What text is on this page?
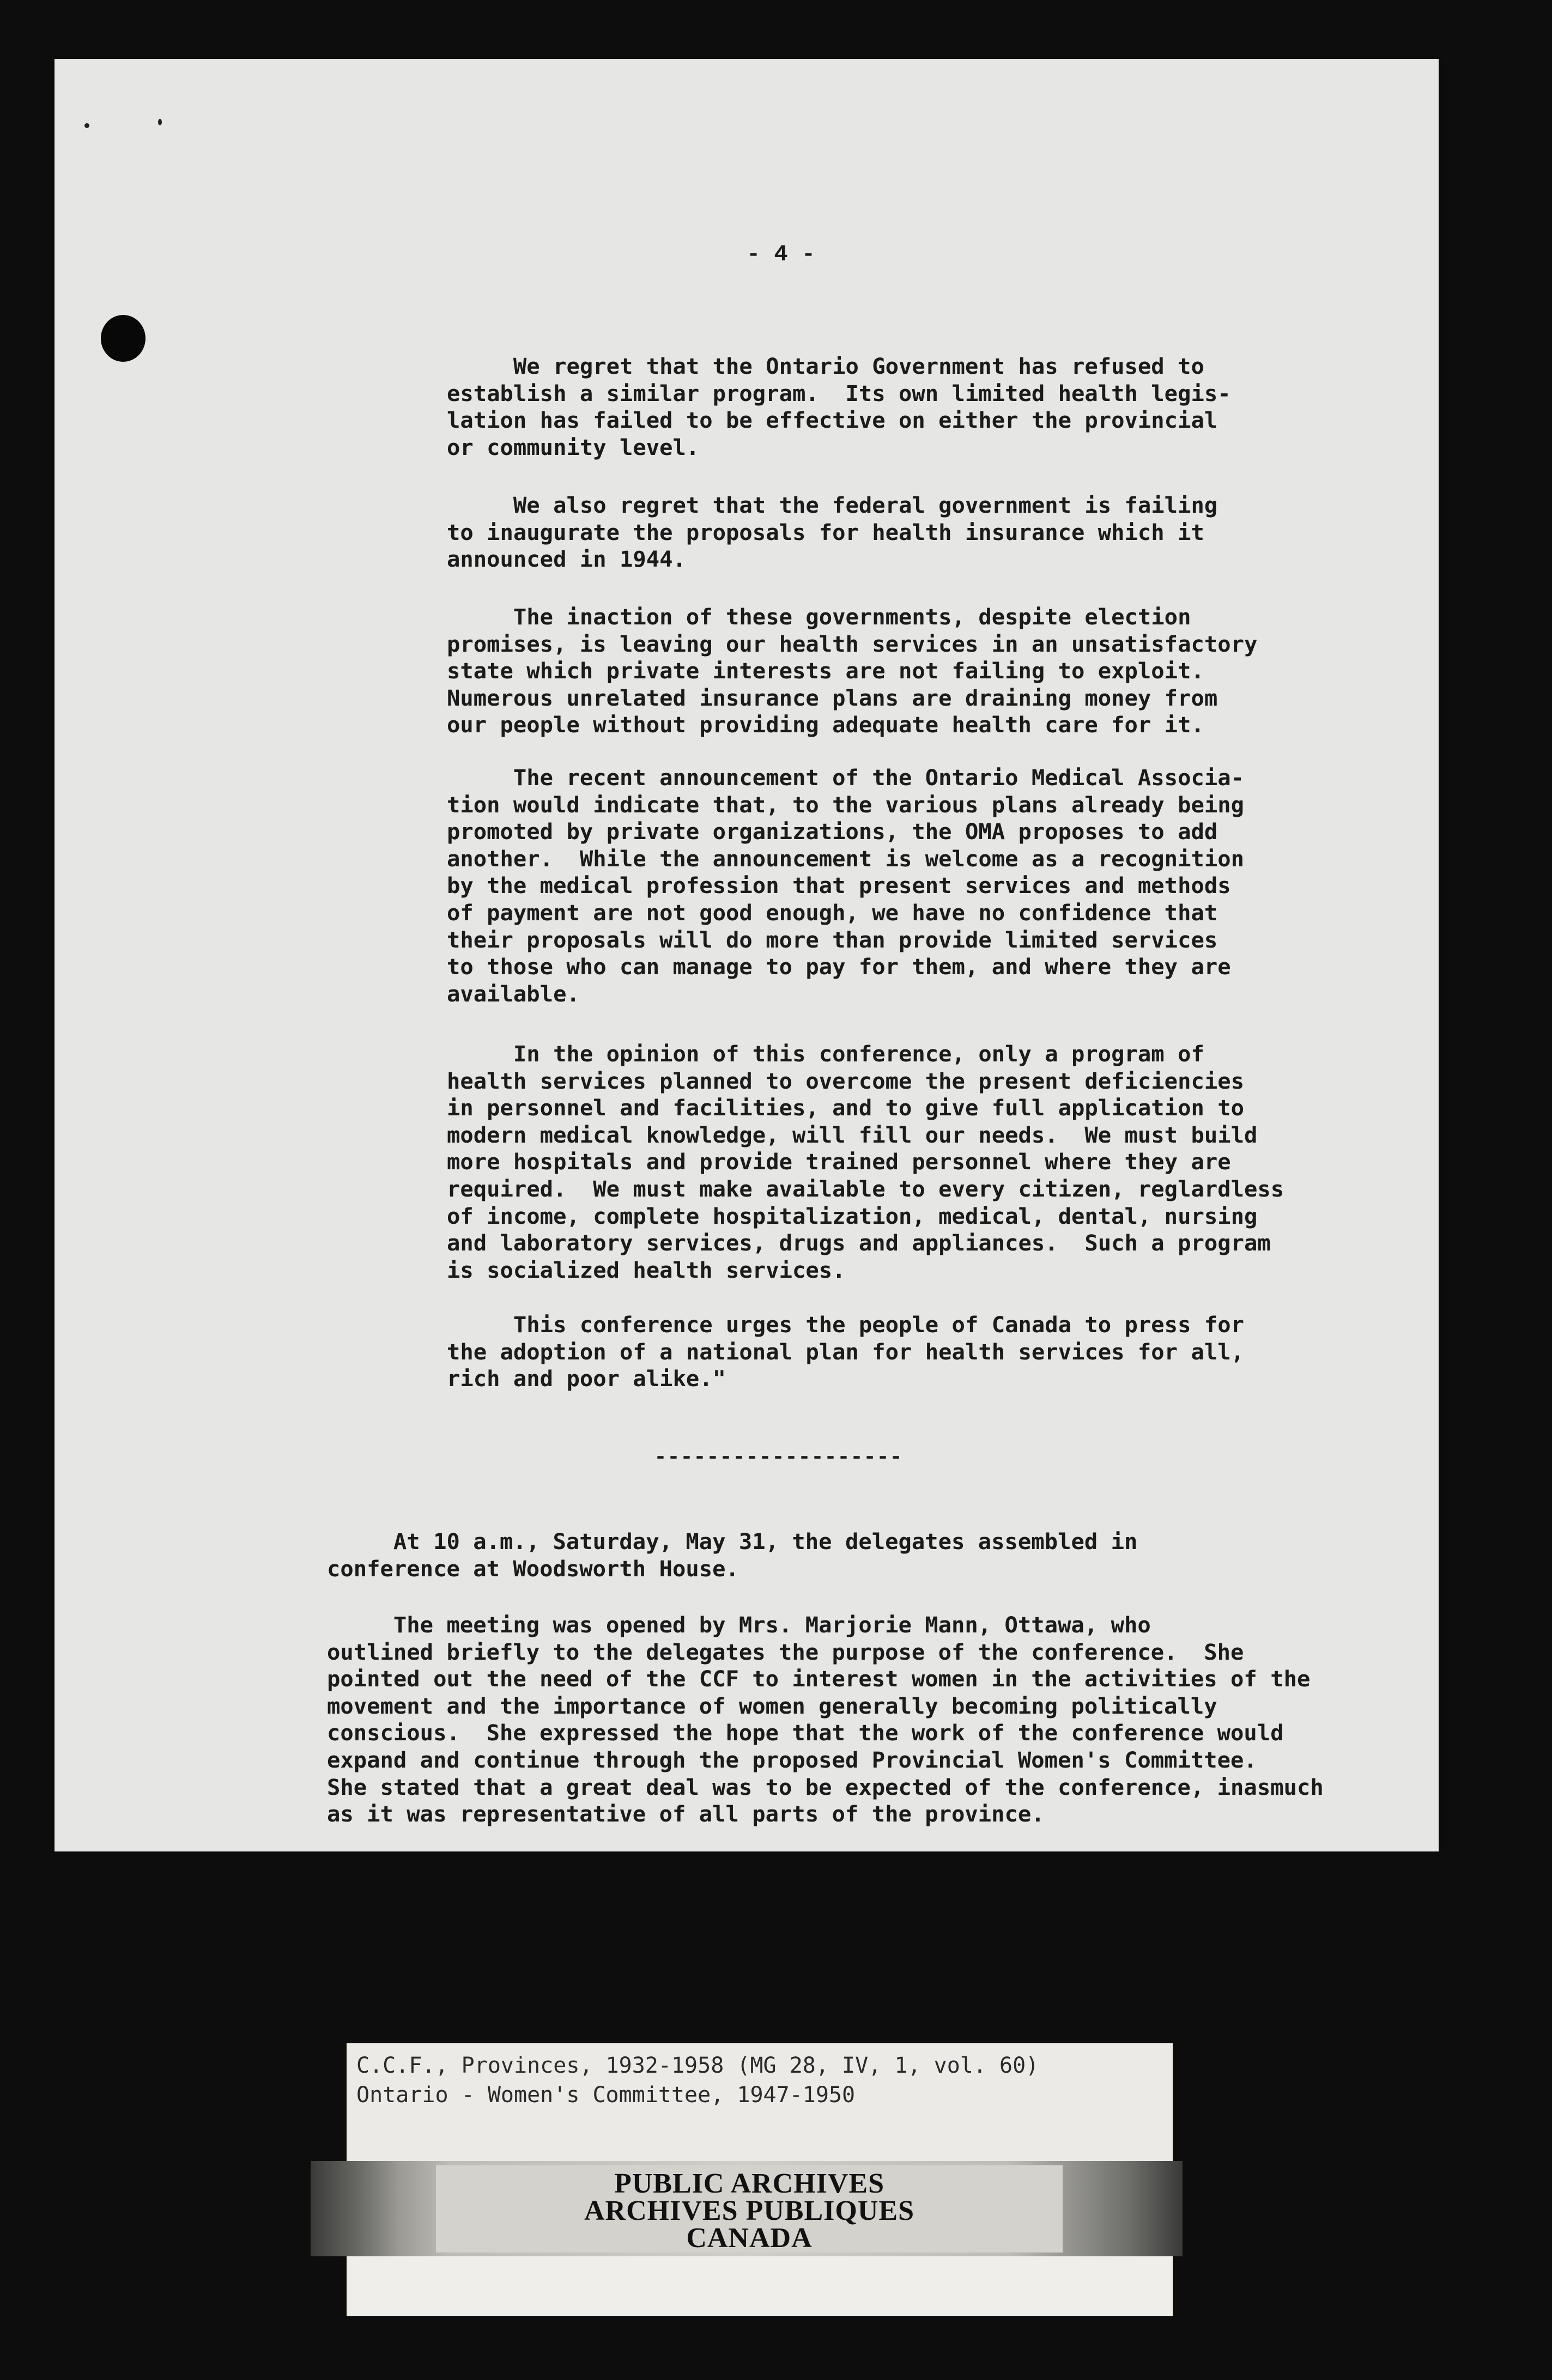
- 4 -
We regret that the Ontario Government has refused to
establish a similar program.  Its own limited health legis-
lation has failed to be effective on either the provincial
or community level.
We also regret that the federal government is failing
to inaugurate the proposals for health insurance which it
announced in 1944.
The inaction of these governments, despite election
promises, is leaving our health services in an unsatisfactory
state which private interests are not failing to exploit.
Numerous unrelated insurance plans are draining money from
our people without providing adequate health care for it.
The recent announcement of the Ontario Medical Associa-
tion would indicate that, to the various plans already being
promoted by private organizations, the OMA proposes to add
another.  While the announcement is welcome as a recognition
by the medical profession that present services and methods
of payment are not good enough, we have no confidence that
their proposals will do more than provide limited services
to those who can manage to pay for them, and where they are
available.
In the opinion of this conference, only a program of
health services planned to overcome the present deficiencies
in personnel and facilities, and to give full application to
modern medical knowledge, will fill our needs.  We must build
more hospitals and provide trained personnel where they are
required.  We must make available to every citizen, reglardless
of income, complete hospitalization, medical, dental, nursing
and laboratory services, drugs and appliances.  Such a program
is socialized health services.
This conference urges the people of Canada to press for
the adoption of a national plan for health services for all,
rich and poor alike."
-------------------
At 10 a.m., Saturday, May 31, the delegates assembled in
conference at Woodsworth House.
The meeting was opened by Mrs. Marjorie Mann, Ottawa, who
outlined briefly to the delegates the purpose of the conference.  She
pointed out the need of the CCF to interest women in the activities of the
movement and the importance of women generally becoming politically
conscious.  She expressed the hope that the work of the conference would
expand and continue through the proposed Provincial Women's Committee.
She stated that a great deal was to be expected of the conference, inasmuch
as it was representative of all parts of the province.
C.C.F., Provinces, 1932-1958 (MG 28, IV, 1, vol. 60)
Ontario - Women's Committee, 1947-1950
PUBLIC ARCHIVES
ARCHIVES PUBLIQUES
CANADA
